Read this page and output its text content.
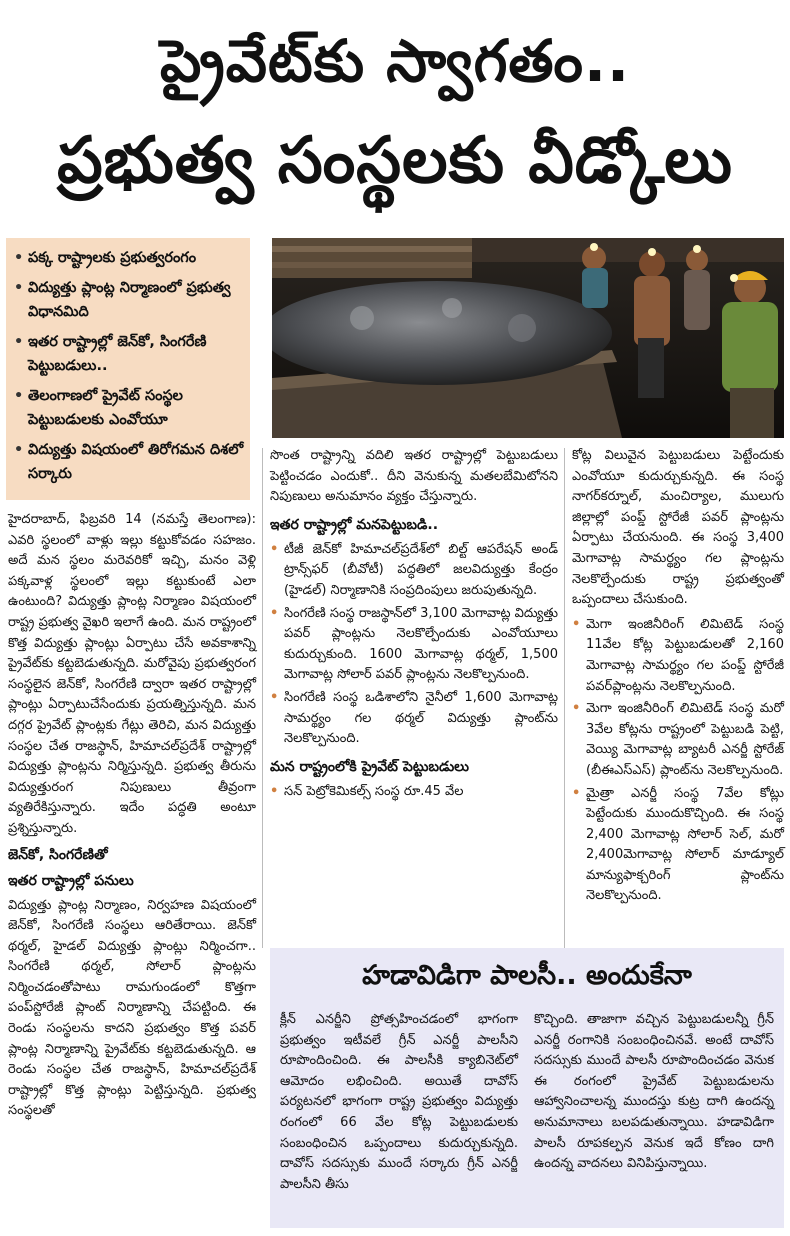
ప్రైవేట్‌కు స్వాగతం..
ప్రభుత్వ సంస్థలకు వీడ్కోలు
• పక్క రాష్ట్రాలకు ప్రభుత్వరంగం
• విద్యుత్తు ప్లాంట్ల నిర్మాణంలో ప్రభుత్వ విధానమిది
• ఇతర రాష్ట్రాల్లో జెన్‌కో, సింగరేణి పెట్టుబడులు..
• తెలంగాణలో ప్రైవేట్ సంస్థల పెట్టుబడులకు ఎంవోయూ
• విద్యుత్తు విషయంలో తిరోగమన దిశలో సర్కారు

హైదరాబాద్, ఫిబ్రవరి 14 (నమస్తే తెలంగాణ): ఎవరి స్థలంలో వాళ్లు ఇల్లు కట్టుకోవడం సహజం. అదే మన స్థలం మరెవరికో ఇచ్చి, మనం వెళ్లి పక్కవాళ్ల స్థలంలో ఇల్లు కట్టుకుంటే ఎలా ఉంటుంది? విద్యుత్తు ప్లాంట్ల నిర్మాణం విషయంలో రాష్ట్ర ప్రభుత్వ వైఖరి ఇలాగే ఉంది. మన రాష్ట్రంలో కొత్త విద్యుత్తు ప్లాంట్లు ఏర్పాటు చేసే అవకాశాన్ని ప్రైవేట్‌కు కట్టబెడుతున్నది. మరోవైపు ప్రభుత్వరంగ సంస్థలైన జెన్‌కో, సింగరేణి ద్వారా ఇతర రాష్ట్రాల్లో ప్లాంట్లు ఏర్పాటుచేసేందుకు ప్రయత్నిస్తున్నది. మన దగ్గర ప్రైవేట్ ప్లాంట్లకు గేట్లు తెరిచి, మన విద్యుత్తు సంస్థల చేత రాజస్థాన్, హిమాచల్‌ప్రదేశ్ రాష్ట్రాల్లో విద్యుత్తు ప్లాంట్లను నిర్మిస్తున్నది. ప్రభుత్వ తీరును విద్యుత్తురంగ నిపుణులు తీవ్రంగా వ్యతిరేకిస్తున్నారు. ఇదేం పద్ధతి అంటూ ప్రశ్నిస్తున్నారు.

జెన్‌కో, సింగరేణితో
ఇతర రాష్ట్రాల్లో పనులు

విద్యుత్తు ప్లాంట్ల నిర్మాణం, నిర్వహణ విషయంలో జెన్‌కో, సింగరేణి సంస్థలు ఆరితేరాయి. జెన్‌కో థర్మల్, హైడల్ విద్యుత్తు ప్లాంట్లు నిర్మించగా.. సింగరేణి థర్మల్, సోలార్ ప్లాంట్లను నిర్మించడంతోపాటు రామగుండంలో కొత్తగా పంప్‌స్టోరేజీ ప్లాంట్ నిర్మాణాన్ని చేపట్టింది. ఈ రెండు సంస్థలను కాదని ప్రభుత్వం కొత్త పవర్ ప్లాంట్ల నిర్మాణాన్ని ప్రైవేట్‌కు కట్టబెడుతున్నది. ఆ రెండు సంస్థల చేత రాజస్థాన్, హిమాచల్‌ప్రదేశ్ రాష్ట్రాల్లో కొత్త ప్లాంట్లు పెట్టిస్తున్నది. ప్రభుత్వ సంస్థలతో

సొంత రాష్ట్రాన్ని వదిలి ఇతర రాష్ట్రాల్లో పెట్టుబడులు పెట్టించడం ఎందుకో.. దీని వెనుకున్న మతలబేమిటోనని నిపుణులు అనుమానం వ్యక్తం చేస్తున్నారు.

ఇతర రాష్ట్రాల్లో మనపెట్టుబడి..
• టీజీ జెన్‌కో హిమాచల్‌ప్రదేశ్‌లో బిల్ట్ ఆపరేషన్ అండ్ ట్రాన్స్‌ఫర్ (బీవోటీ) పద్ధతిలో జలవిద్యుత్తు కేంద్రం (హైడల్) నిర్మాణానికి సంప్రదింపులు జరుపుతున్నది.
• సింగరేణి సంస్థ రాజస్థాన్‌లో 3,100 మెగావాట్ల విద్యుత్తు పవర్ ప్లాంట్లను నెలకొల్పేందుకు ఎంవోయూలు కుదుర్చుకుంది. 1600 మెగావాట్ల థర్మల్, 1,500 మెగావాట్ల సోలార్ పవర్ ప్లాంట్లను నెలకొల్పనుంది.
• సింగరేణి సంస్థ ఒడిశాలోని నైనీలో 1,600 మెగావాట్ల సామర్థ్యం గల థర్మల్ విద్యుత్తు ప్లాంట్‌ను నెలకొల్పనుంది.
మన రాష్ట్రంలోకి ప్రైవేట్ పెట్టుబడులు
• సన్ పెట్రోకెమికల్స్ సంస్థ రూ.45 వేల

కోట్ల విలువైన పెట్టుబడులు పెట్టేందుకు ఎంవోయూ కుదుర్చుకున్నది. ఈ సంస్థ నాగర్‌కర్నూల్, మంచిర్యాల, ములుగు జిల్లాల్లో పంప్డ్ స్టోరేజీ పవర్ ప్లాంట్లను ఏర్పాటు చేయనుంది. ఈ సంస్థ 3,400 మెగావాట్ల సామర్థ్యం గల ప్లాంట్లను నెలకొల్పేందుకు రాష్ట్ర ప్రభుత్వంతో ఒప్పందాలు చేసుకుంది.

• మెగా ఇంజినీరింగ్ లిమిటెడ్ సంస్థ 11వేల కోట్ల పెట్టుబడులతో 2,160 మెగావాట్ల సామర్థ్యం గల పంప్డ్ స్టోరేజీ పవర్‌ప్లాంట్లను నెలకొల్పనుంది.
• మెగా ఇంజినీరింగ్ లిమిటెడ్ సంస్థ మరో 3వేల కోట్లను రాష్ట్రంలో పెట్టుబడి పెట్టి, వెయ్యి మెగావాట్ల బ్యాటరీ ఎనర్జీ స్టోరేజ్ (బీఈఎస్‌ఎస్) ప్లాంట్‌ను నెలకొల్పనుంది.
• మైత్రా ఎనర్జీ సంస్థ 7వేల కోట్లు పెట్టేందుకు ముందుకొచ్చింది. ఈ సంస్థ 2,400 మెగావాట్ల సోలార్ సెల్, మరో 2,400మెగావాట్ల సోలార్ మాడ్యూల్ మాన్యుఫాక్చరింగ్ ప్లాంట్‌ను నెలకొల్పనుంది.
హడావిడిగా పాలసీ.. అందుకేనా
క్లీన్ ఎనర్జీని ప్రోత్సహించడంలో భాగంగా ప్రభుత్వం ఇటీవలే గ్రీన్ ఎనర్జీ పాలసీని రూపొందించింది. ఈ పాలసీకి క్యాబినెట్‌లో ఆమోదం లభించింది. అయితే దావోస్ పర్యటనలో భాగంగా రాష్ట్ర ప్రభుత్వం విద్యుత్తు రంగంలో 66 వేల కోట్ల పెట్టుబడులకు సంబంధించిన ఒప్పందాలు కుదుర్చుకున్నది. దావోస్ సదస్సుకు ముందే సర్కారు గ్రీన్ ఎనర్జీ పాలసీని తీసు
కొచ్చింది. తాజాగా వచ్చిన పెట్టుబడులన్నీ గ్రీన్ ఎనర్జీ రంగానికి సంబంధించినవే. అంటే దావోస్ సదస్సుకు ముందే పాలసీ రూపొందించడం వెనుక ఈ రంగంలో ప్రైవేట్ పెట్టుబడులను ఆహ్వానించాలన్న ముందస్తు కుట్ర దాగి ఉందన్న అనుమానాలు బలపడుతున్నాయి. హడావిడిగా పాలసీ రూపకల్పన వెనుక ఇదే కోణం దాగి ఉందన్న వాదనలు వినిపిస్తున్నాయి.
